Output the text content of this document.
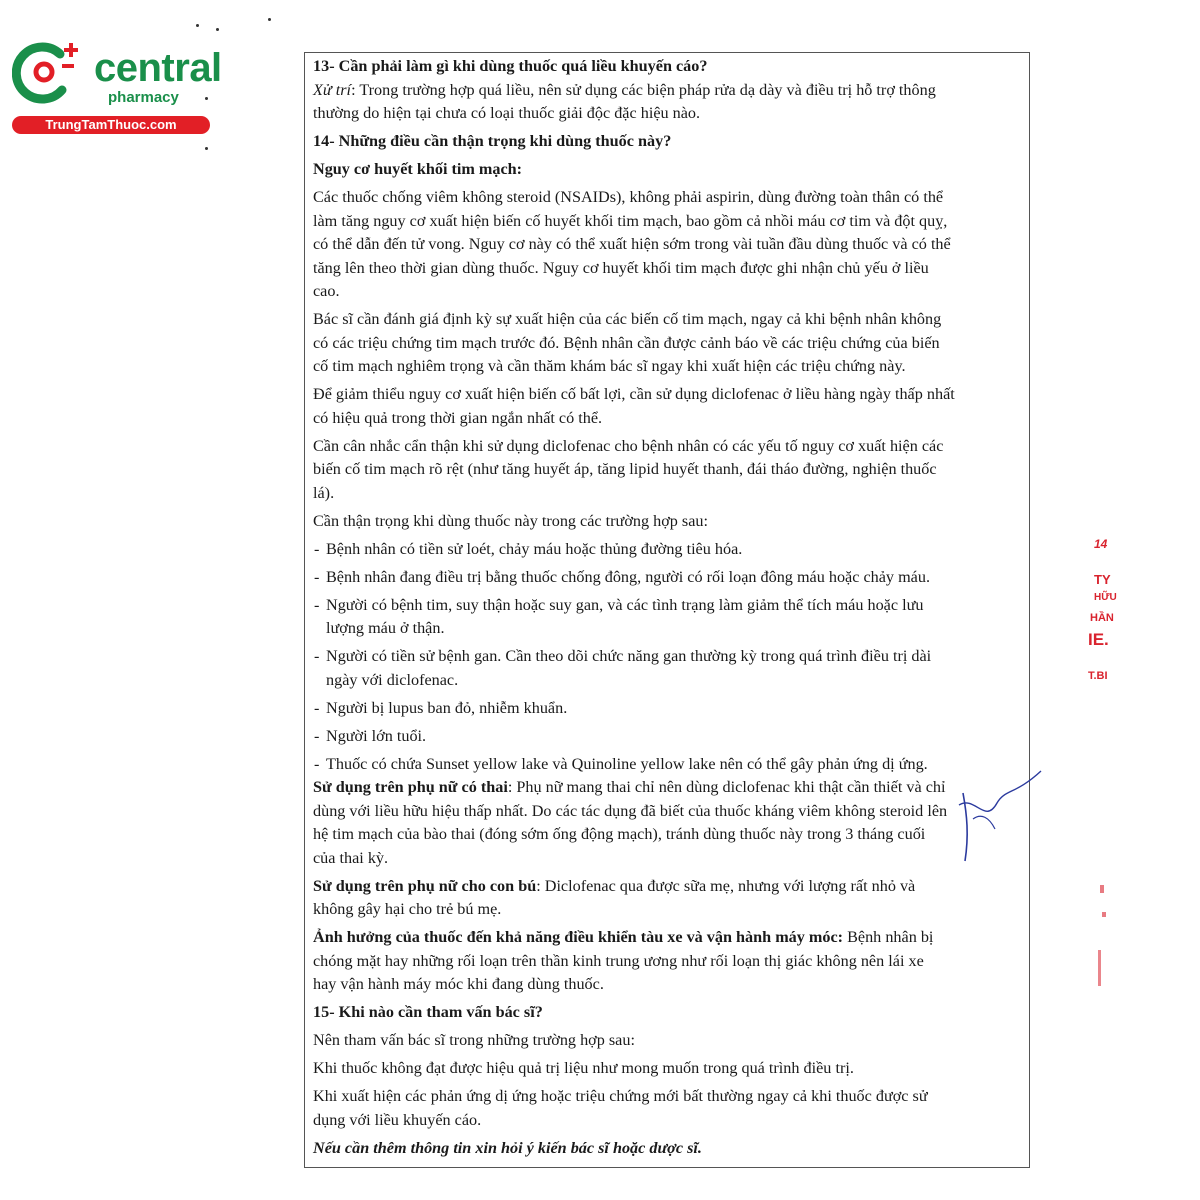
central
pharmacy
TrungTamThuoc.com
13- Cần phải làm gì khi dùng thuốc quá liều khuyến cáo?
Xử trí: Trong trường hợp quá liều, nên sử dụng các biện pháp rửa dạ dày và điều trị hỗ trợ thông
thường do hiện tại chưa có loại thuốc giải độc đặc hiệu nào.
14- Những điều cần thận trọng khi dùng thuốc này?
Nguy cơ huyết khối tim mạch:
Các thuốc chống viêm không steroid (NSAIDs), không phải aspirin, dùng đường toàn thân có thể
làm tăng nguy cơ xuất hiện biến cố huyết khối tim mạch, bao gồm cả nhồi máu cơ tim và đột quỵ,
có thể dẫn đến tử vong. Nguy cơ này có thể xuất hiện sớm trong vài tuần đầu dùng thuốc và có thể
tăng lên theo thời gian dùng thuốc. Nguy cơ huyết khối tim mạch được ghi nhận chủ yếu ở liều
cao.
Bác sĩ cần đánh giá định kỳ sự xuất hiện của các biến cố tim mạch, ngay cả khi bệnh nhân không
có các triệu chứng tim mạch trước đó. Bệnh nhân cần được cảnh báo về các triệu chứng của biến
cố tim mạch nghiêm trọng và cần thăm khám bác sĩ ngay khi xuất hiện các triệu chứng này.
Để giảm thiểu nguy cơ xuất hiện biến cố bất lợi, cần sử dụng diclofenac ở liều hàng ngày thấp nhất
có hiệu quả trong thời gian ngắn nhất có thể.
Cần cân nhắc cẩn thận khi sử dụng diclofenac cho bệnh nhân có các yếu tố nguy cơ xuất hiện các
biến cố tim mạch rõ rệt (như tăng huyết áp, tăng lipid huyết thanh, đái tháo đường, nghiện thuốc
lá).
Cần thận trọng khi dùng thuốc này trong các trường hợp sau:
- Bệnh nhân có tiền sử loét, chảy máu hoặc thủng đường tiêu hóa.
- Bệnh nhân đang điều trị bằng thuốc chống đông, người có rối loạn đông máu hoặc chảy máu.
- Người có bệnh tim, suy thận hoặc suy gan, và các tình trạng làm giảm thể tích máu hoặc lưu
lượng máu ở thận.
- Người có tiền sử bệnh gan. Cần theo dõi chức năng gan thường kỳ trong quá trình điều trị dài
ngày với diclofenac.
- Người bị lupus ban đỏ, nhiễm khuẩn.
- Người lớn tuổi.
- Thuốc có chứa Sunset yellow lake và Quinoline yellow lake nên có thể gây phản ứng dị ứng.
Sử dụng trên phụ nữ có thai: Phụ nữ mang thai chỉ nên dùng diclofenac khi thật cần thiết và chỉ
dùng với liều hữu hiệu thấp nhất. Do các tác dụng đã biết của thuốc kháng viêm không steroid lên
hệ tim mạch của bào thai (đóng sớm ống động mạch), tránh dùng thuốc này trong 3 tháng cuối
của thai kỳ.
Sử dụng trên phụ nữ cho con bú: Diclofenac qua được sữa mẹ, nhưng với lượng rất nhỏ và
không gây hại cho trẻ bú mẹ.
Ảnh hưởng của thuốc đến khả năng điều khiển tàu xe và vận hành máy móc: Bệnh nhân bị
chóng mặt hay những rối loạn trên thần kinh trung ương như rối loạn thị giác không nên lái xe
hay vận hành máy móc khi đang dùng thuốc.
15- Khi nào cần tham vấn bác sĩ?
Nên tham vấn bác sĩ trong những trường hợp sau:
Khi thuốc không đạt được hiệu quả trị liệu như mong muốn trong quá trình điều trị.
Khi xuất hiện các phản ứng dị ứng hoặc triệu chứng mới bất thường ngay cả khi thuốc được sử
dụng với liều khuyến cáo.
Nếu cần thêm thông tin xin hỏi ý kiến bác sĩ hoặc dược sĩ.
14
TY
HỮU
HẦN
IE.
T.BI
